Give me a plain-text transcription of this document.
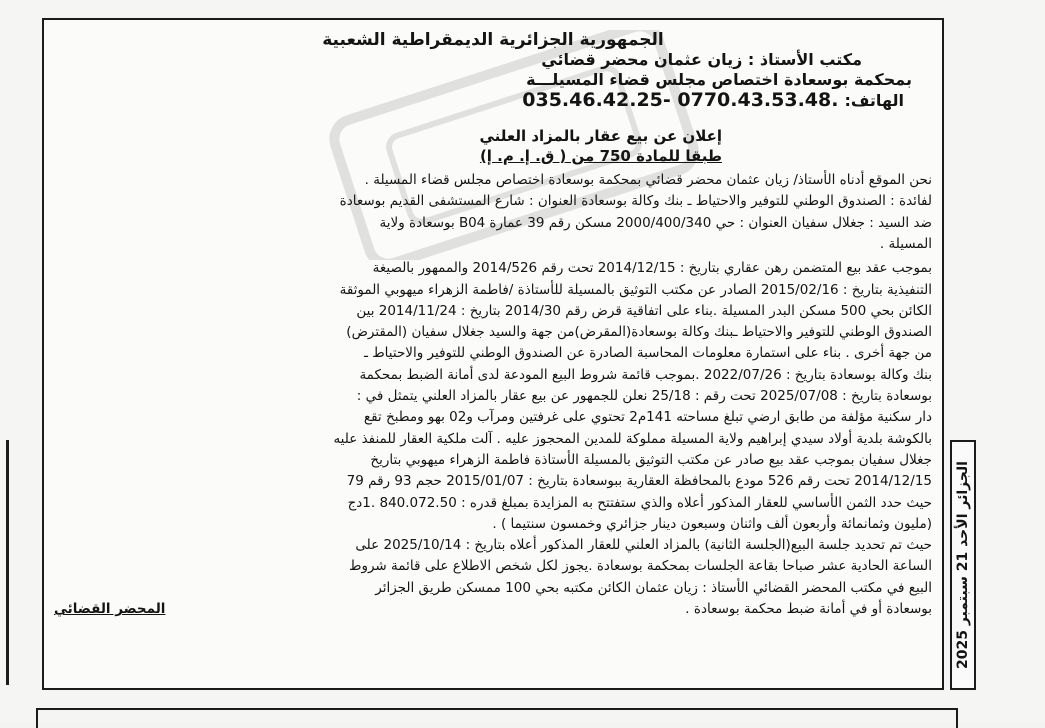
الجمهورية الجزائرية الديمقراطية الشعبية

مكتب الأستاذ : زيان عثمان محضر قضائي

بمحكمة بوسعادة اختصاص مجلس قضاء المسيلـــة

الهاتف:035.46.42.25- 0770.43.53.48.

إعلان عن بيع عقار بالمزاد العلني

طبقا للمادة 750 من ( ق. إ. م. إ)

نحن الموقع أدناه الأستاذ/ زيان عثمان محضر قضائي بمحكمة بوسعادة اختصاص مجلس قضاء المسيلة .

لفائدة : الصندوق الوطني للتوفير والاحتياط ـ بنك وكالة بوسعادة العنوان : شارع المستشفى القديم بوسعادة

ضد السيد : جغلال سفيان العنوان : حي 2000/400/340 مسكن رقم 39 عمارة B04 بوسعادة ولاية

المسيلة .

بموجب عقد بيع المتضمن رهن عقاري بتاريخ : 2014/12/15 تحت رقم 2014/526 والممهور بالصيغة

التنفيذية بتاريخ : 2015/02/16 الصادر عن مكتب التوثيق بالمسيلة للأستاذة /فاطمة الزهراء ميهوبي الموثقة

الكائن بحي 500 مسكن البدر المسيلة .بناء على اتفاقية قرض رقم 2014/30 بتاريخ : 2014/11/24 بين

الصندوق الوطني للتوفير والاحتياط ـبنك وكالة بوسعادة(المقرض)من جهة والسيد جغلال سفيان (المقترض)

من جهة أخرى . بناء على استمارة معلومات المحاسبة الصادرة عن الصندوق الوطني للتوفير والاحتياط ـ

بنك وكالة بوسعادة بتاريخ : 2022/07/26 .بموجب قائمة شروط البيع المودعة لدى أمانة الضبط بمحكمة

بوسعادة بتاريخ : 2025/07/08 تحت رقم : 25/18 نعلن للجمهور عن بيع عقار بالمزاد العلني يتمثل في :

دار سكنية مؤلفة من طابق ارضي تبلغ مساحته 141م2 تحتوي على غرفتين ومرآب و02 بهو ومطبخ تقع

بالكوشة بلدية أولاد سيدي إبراهيم ولاية المسيلة مملوكة للمدين المحجوز عليه . آلت ملكية العقار للمنفذ عليه

جغلال سفيان بموجب عقد بيع صادر عن مكتب التوثيق بالمسيلة الأستاذة فاطمة الزهراء ميهوبي بتاريخ

2014/12/15 تحت رقم 526 مودع بالمحافظة العقارية ببوسعادة بتاريخ : 2015/01/07 حجم 93 رقم 79

حيث حدد الثمن الأساسي للعقار المذكور أعلاه والذي ستفتتح به المزايدة بمبلغ قدره : 840.072.50 .1دج

(مليون وثمانمائة وأربعون ألف واثنان وسبعون دينار جزائري وخمسون سنتيما ) .

حيث تم تحديد جلسة البيع(الجلسة الثانية) بالمزاد العلني للعقار المذكور أعلاه بتاريخ : 2025/10/14 على

الساعة الحادية عشر صباحا بقاعة الجلسات بمحكمة بوسعادة .يجوز لكل شخص الاطلاع على قائمة شروط

البيع في مكتب المحضر القضائي الأستاذ : زيان عثمان الكائن مكتبه بحي 100 ممسكن طريق الجزائر

بوسعادة أو في أمانة ضبط محكمة بوسعادة .
المحضر القضائي
الجزائر الأحد 21 سبتمبر 2025
